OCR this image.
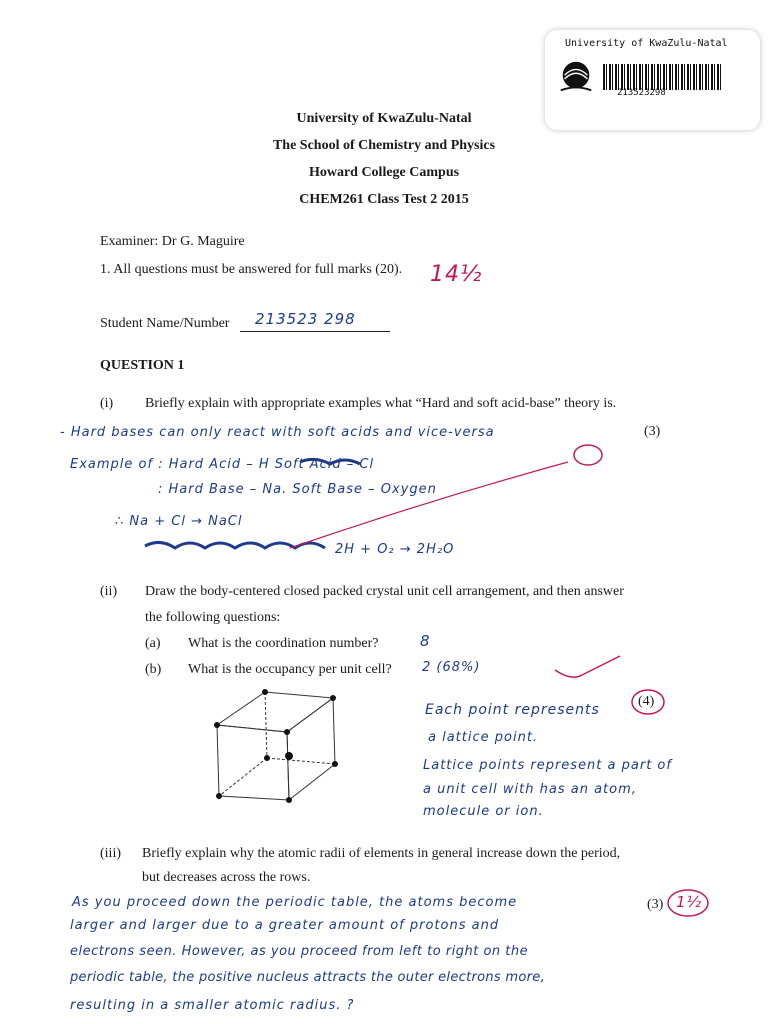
University of KwaZulu-Natal
213523298
University of KwaZulu-Natal
The School of Chemistry and Physics
Howard College Campus
CHEM261 Class Test 2 2015
Examiner: Dr G. Maguire
1. All questions must be answered for full marks (20). 14½
Student Name/Number 213523 298
QUESTION 1
(i) Briefly explain with appropriate examples what “Hard and soft acid-base” theory is.
(3)
- Hard bases can only react with soft acids and vice-versa
Example of : Hard Acid – H Soft Acid – Cl
: Hard Base – Na. Soft Base – Oxygen
∴ Na + Cl → NaCl
2H + O₂ → 2H₂O
(ii) Draw the body-centered closed packed crystal unit cell arrangement, and then answer
the following questions:
(a) What is the coordination number?	8
(b) What is the occupancy per unit cell? 2 (68%)
(4)
Each point represents
a lattice point.
Lattice points represent a part of
a unit cell with has an atom,
molecule or ion.
(iii) Briefly explain why the atomic radii of elements in general increase down the period,
but decreases across the rows.
(3) 1½
As you proceed down the periodic table, the atoms become
larger and larger due to a greater amount of protons and
electrons seen. However, as you proceed from left to right on the
periodic table, the positive nucleus attracts the outer electrons more,
resulting in a smaller atomic radius. ?
